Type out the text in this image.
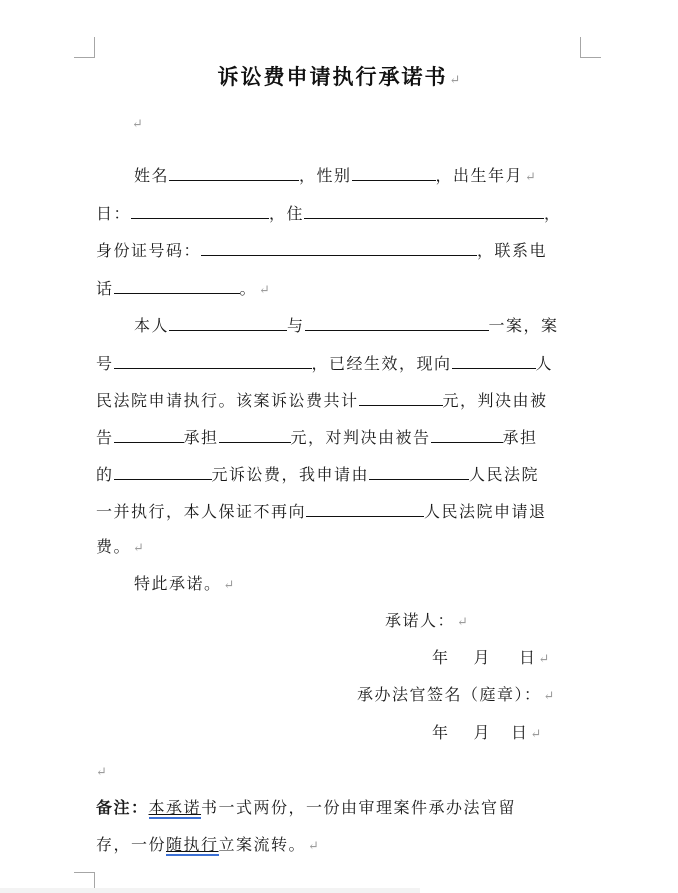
诉讼费申请执行承诺书 ↵
↵
姓名	，性别	，出生年月 ↵
日：	，住	，
身份证号码：	，联系电
话	。 ↵
本人	与	一案，案
号	，已经生效，现向	人
民法院申请执行。该案诉讼费共计	元，判决由被
告	承担	元，对判决由被告	承担
的	元诉讼费，我申请由	人民法院
一并执行，本人保证不再向	人民法院申请退
费。 ↵
特此承诺。 ↵
承诺人： ↵
年 月 日 ↵
承办法官签名（庭章）： ↵
年 月 日 ↵
↵
备注：本承诺书一式两份，一份由审理案件承办法官留
存，一份随执行立案流转。 ↵
